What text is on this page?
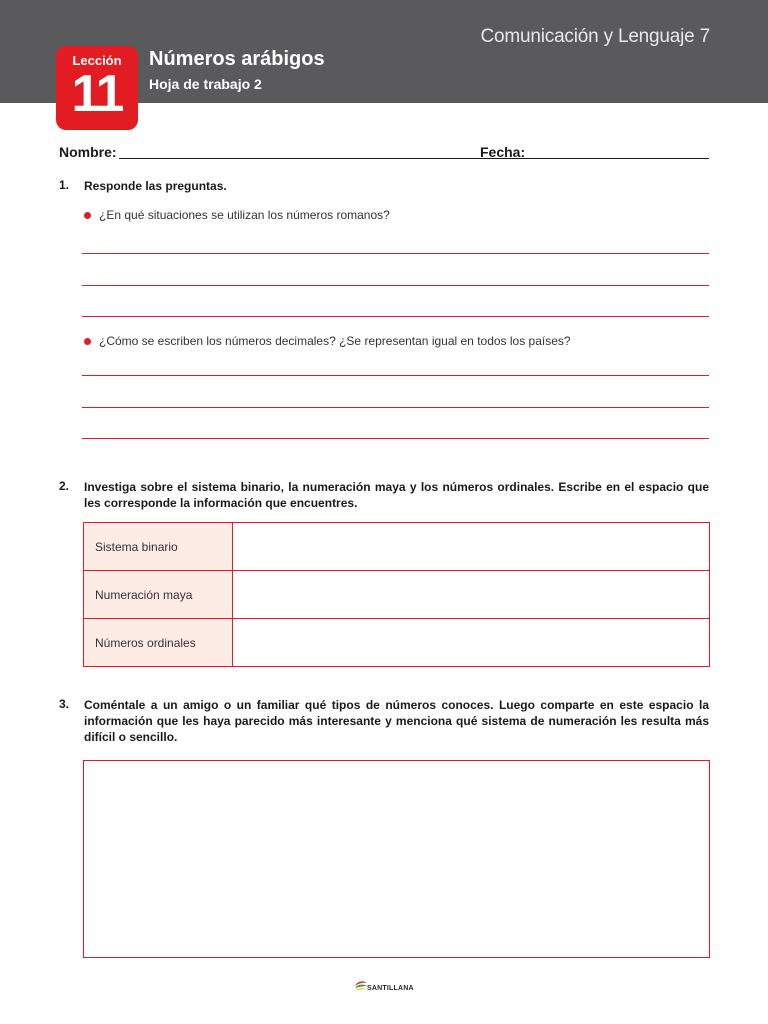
Comunicación y Lenguaje 7
Lección
11
Números arábigos
Hoja de trabajo 2
Nombre:	Fecha:
1. Responde las preguntas.
¿En qué situaciones se utilizan los números romanos?
¿Cómo se escriben los números decimales? ¿Se representan igual en todos los países?
2. Investiga sobre el sistema binario, la numeración maya y los números ordinales. Escribe en el espacio que les corresponde la información que encuentres.
Sistema binario	
Numeración maya	
Números ordinales	
3. Coméntale a un amigo o un familiar qué tipos de números conoces. Luego comparte en este espacio la información que les haya parecido más interesante y menciona qué sistema de numeración les resulta más difícil o sencillo.
SANTILLANA
